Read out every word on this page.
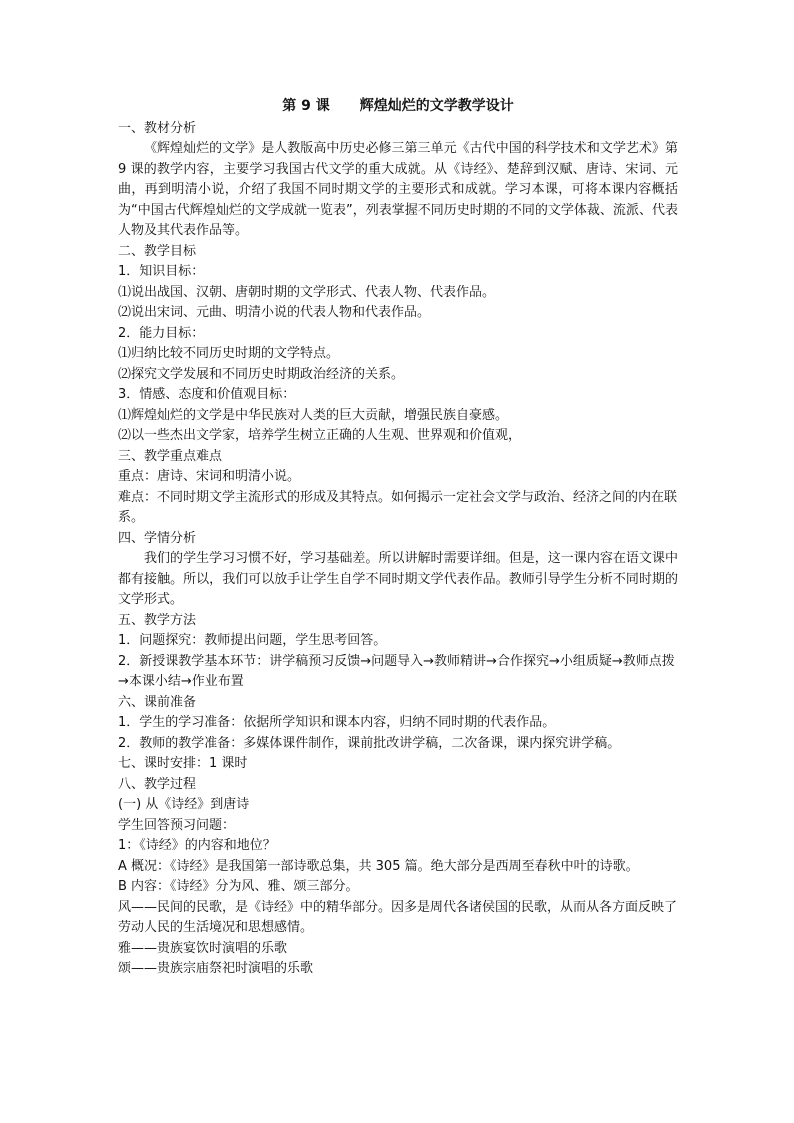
第 9 课 辉煌灿烂的文学教学设计

一、教材分析

《辉煌灿烂的文学》是人教版高中历史必修三第三单元《古代中国的科学技术和文学艺术》第 9 课的教学内容，主要学习我国古代文学的重大成就。从《诗经》、楚辞到汉赋、唐诗、宋词、元曲，再到明清小说，介绍了我国不同时期文学的主要形式和成就。学习本课，可将本课内容概括为“中国古代辉煌灿烂的文学成就一览表”，列表掌握不同历史时期的不同的文学体裁、流派、代表人物及其代表作品等。

二、教学目标

1．知识目标：

⑴说出战国、汉朝、唐朝时期的文学形式、代表人物、代表作品。

⑵说出宋词、元曲、明清小说的代表人物和代表作品。

2．能力目标：

⑴归纳比较不同历史时期的文学特点。

⑵探究文学发展和不同历史时期政治经济的关系。

3．情感、态度和价值观目标：

⑴辉煌灿烂的文学是中华民族对人类的巨大贡献，增强民族自豪感。

⑵以一些杰出文学家，培养学生树立正确的人生观、世界观和价值观，

三、教学重点难点

重点：唐诗、宋词和明清小说。

难点：不同时期文学主流形式的形成及其特点。如何揭示一定社会文学与政治、经济之间的内在联系。

四、学情分析

我们的学生学习习惯不好，学习基础差。所以讲解时需要详细。但是，这一课内容在语文课中都有接触。所以，我们可以放手让学生自学不同时期文学代表作品。教师引导学生分析不同时期的文学形式。

五、教学方法

1．问题探究：教师提出问题，学生思考回答。

2．新授课教学基本环节：讲学稿预习反馈→问题导入→教师精讲→合作探究→小组质疑→教师点拨→本课小结→作业布置

六、课前准备

1．学生的学习准备：依据所学知识和课本内容，归纳不同时期的代表作品。

2．教师的教学准备：多媒体课件制作，课前批改讲学稿，二次备课，课内探究讲学稿。

七、课时安排：1 课时

八、教学过程

(一) 从《诗经》到唐诗

学生回答预习问题：

1：《诗经》的内容和地位？

A 概况：《诗经》是我国第一部诗歌总集，共 305 篇。绝大部分是西周至春秋中叶的诗歌。

B 内容：《诗经》分为风、雅、颂三部分。

风——民间的民歌，是《诗经》中的精华部分。因多是周代各诸侯国的民歌，从而从各方面反映了劳动人民的生活境况和思想感情。

雅——贵族宴饮时演唱的乐歌

颂——贵族宗庙祭祀时演唱的乐歌
